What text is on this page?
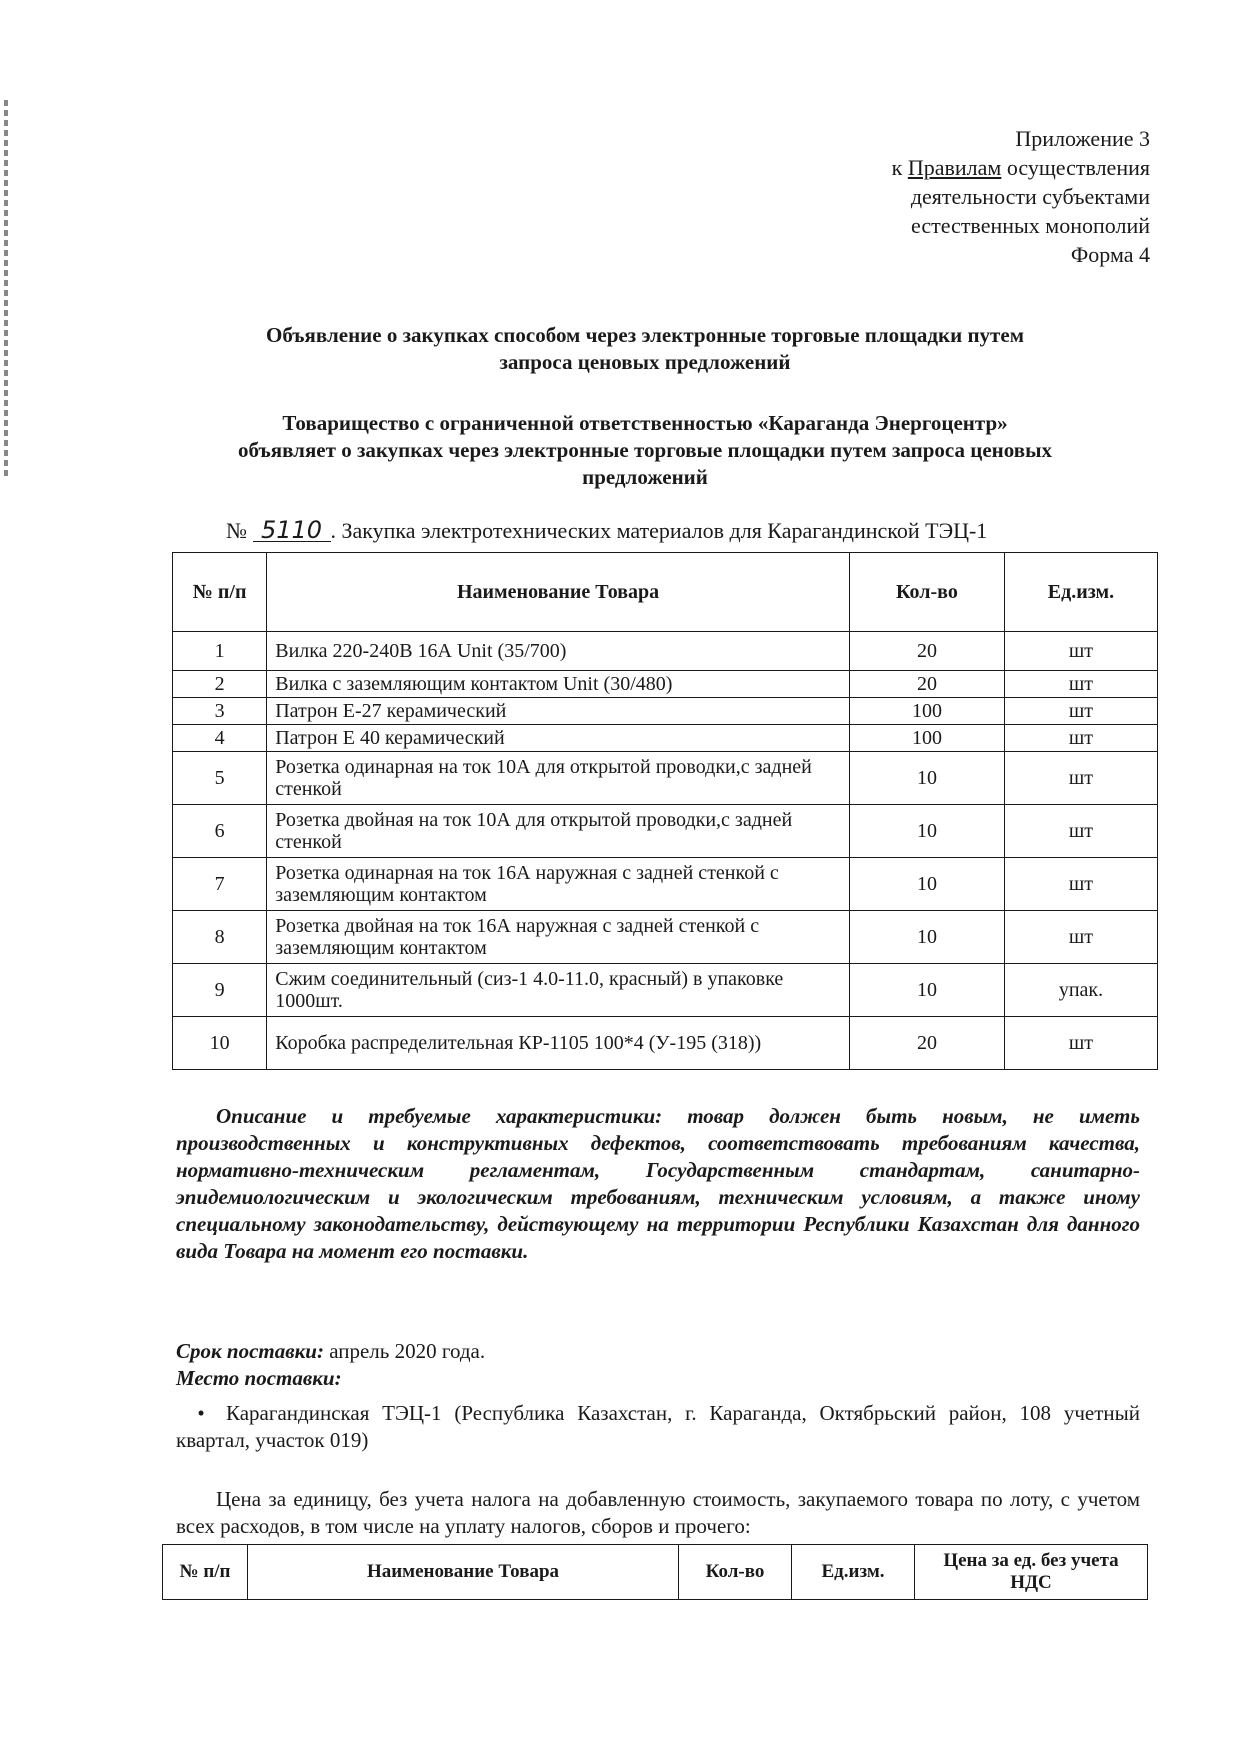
Приложение 3
к Правилам осуществления
деятельности субъектами
естественных монополий
Форма 4
Объявление о закупках способом через электронные торговые площадки путем
запроса ценовых предложений
Товарищество с ограниченной ответственностью «Караганда Энергоцентр»
объявляет о закупках через электронные торговые площадки путем запроса ценовых
предложений
№ 5110 . Закупка электротехнических материалов для Карагандинской ТЭЦ-1
№ п/п	Наименование Товара	Кол-во	Ед.изм.
1	Вилка 220-240В 16А Unit (35/700)	20	шт
2	Вилка с заземляющим контактом Unit (30/480)	20	шт
3	Патрон Е-27 керамический	100	шт
4	Патрон Е 40 керамический	100	шт
5	Розетка одинарная на ток 10А для открытой проводки,с задней стенкой	10	шт
6	Розетка двойная на ток 10А для открытой проводки,с задней стенкой	10	шт
7	Розетка одинарная на ток 16А наружная с задней стенкой с заземляющим контактом	10	шт
8	Розетка двойная на ток 16А наружная с задней стенкой с заземляющим контактом	10	шт
9	Сжим соединительный (сиз-1 4.0-11.0, красный) в упаковке 1000шт.	10	упак.
10	Коробка распределительная КР-1105 100*4 (У-195 (318))	20	шт
Описание и требуемые характеристики: товар должен быть новым, не иметь производственных и конструктивных дефектов, соответствовать требованиям качества, нормативно-техническим регламентам, Государственным стандартам, санитарно-эпидемиологическим и экологическим требованиям, техническим условиям, а также иному специальному законодательству, действующему на территории Республики Казахстан для данного вида Товара на момент его поставки.
Срок поставки: апрель 2020 года.
Место поставки:
• Карагандинская ТЭЦ-1 (Республика Казахстан, г. Караганда, Октябрьский район, 108 учетный квартал, участок 019)
Цена за единицу, без учета налога на добавленную стоимость, закупаемого товара по лоту, с учетом всех расходов, в том числе на уплату налогов, сборов и прочего:
№ п/п	Наименование Товара	Кол-во	Ед.изм.	Цена за ед. без учета НДС
